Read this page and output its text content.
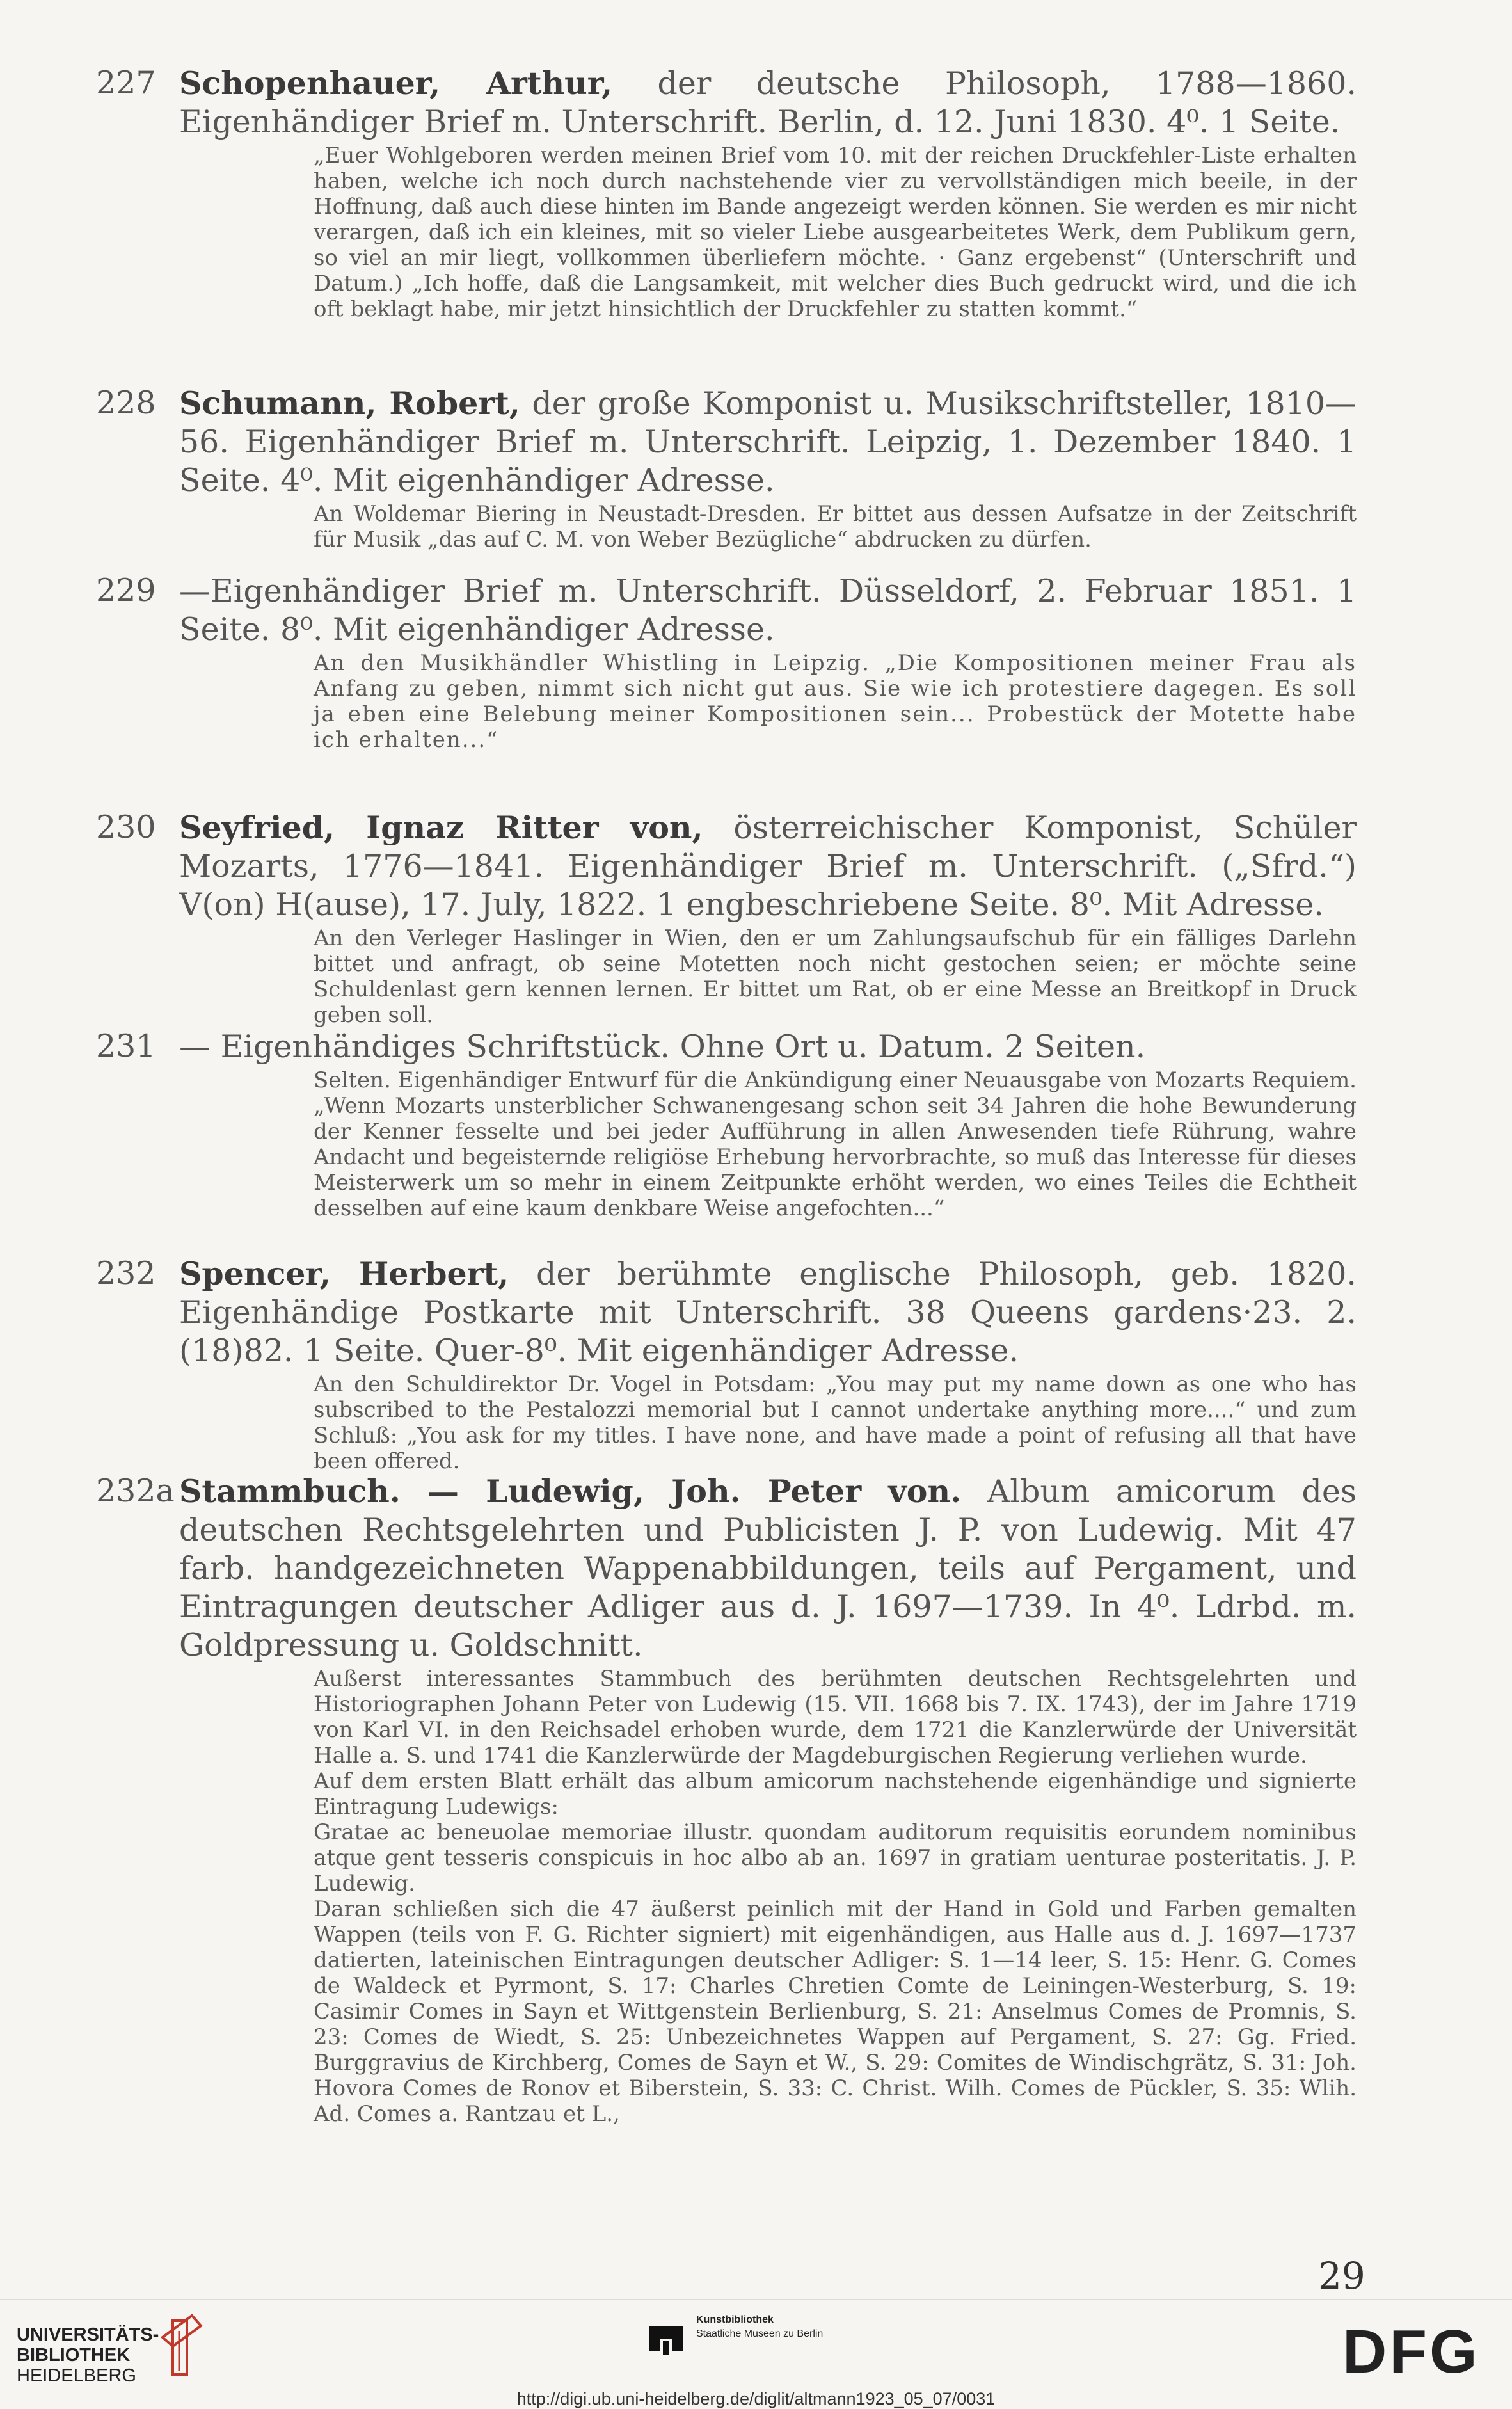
227 Schopenhauer, Arthur, der deutsche Philosoph, 1788—1860. Eigenhändiger Brief m. Unterschrift. Berlin, d. 12. Juni 1830. 4⁰. 1 Seite.
„Euer Wohlgeboren werden meinen Brief vom 10. mit der reichen Druckfehler-Liste erhalten haben, welche ich noch durch nachstehende vier zu vervollständigen mich beeile, in der Hoffnung, daß auch diese hinten im Bande angezeigt werden können. Sie werden es mir nicht verargen, daß ich ein kleines, mit so vieler Liebe ausgearbeitetes Werk, dem Publikum gern, so viel an mir liegt, vollkommen überliefern möchte. · Ganz ergebenst“ (Unterschrift und Datum.) „Ich hoffe, daß die Langsamkeit, mit welcher dies Buch gedruckt wird, und die ich oft beklagt habe, mir jetzt hinsichtlich der Druckfehler zu statten kommt.“
228 Schumann, Robert, der große Komponist u. Musikschriftsteller, 1810—56. Eigenhändiger Brief m. Unterschrift. Leipzig, 1. Dezember 1840. 1 Seite. 4⁰. Mit eigenhändiger Adresse.
An Woldemar Biering in Neustadt-Dresden. Er bittet aus dessen Aufsatze in der Zeitschrift für Musik „das auf C. M. von Weber Bezügliche“ abdrucken zu dürfen.
229 —Eigenhändiger Brief m. Unterschrift. Düsseldorf, 2. Februar 1851. 1 Seite. 8⁰. Mit eigenhändiger Adresse.
An den Musikhändler Whistling in Leipzig. „Die Kompositionen meiner Frau als Anfang zu geben, nimmt sich nicht gut aus. Sie wie ich protestiere dagegen. Es soll ja eben eine Belebung meiner Kompositionen sein... Probestück der Motette habe ich erhalten...“
230 Seyfried, Ignaz Ritter von, österreichischer Komponist, Schüler Mozarts, 1776—1841. Eigenhändiger Brief m. Unterschrift. („Sfrd.“) V(on) H(ause), 17. July, 1822. 1 engbeschriebene Seite. 8⁰. Mit Adresse.
An den Verleger Haslinger in Wien, den er um Zahlungsaufschub für ein fälliges Darlehn bittet und anfragt, ob seine Motetten noch nicht gestochen seien; er möchte seine Schuldenlast gern kennen lernen. Er bittet um Rat, ob er eine Messe an Breitkopf in Druck geben soll.
231 — Eigenhändiges Schriftstück. Ohne Ort u. Datum. 2 Seiten.
Selten. Eigenhändiger Entwurf für die Ankündigung einer Neuausgabe von Mozarts Requiem. „Wenn Mozarts unsterblicher Schwanengesang schon seit 34 Jahren die hohe Bewunderung der Kenner fesselte und bei jeder Aufführung in allen Anwesenden tiefe Rührung, wahre Andacht und begeisternde religiöse Erhebung hervorbrachte, so muß das Interesse für dieses Meisterwerk um so mehr in einem Zeitpunkte erhöht werden, wo eines Teiles die Echtheit desselben auf eine kaum denkbare Weise angefochten...“
232 Spencer, Herbert, der berühmte englische Philosoph, geb. 1820. Eigenhändige Postkarte mit Unterschrift. 38 Queens gardens·23. 2. (18)82. 1 Seite. Quer-8⁰. Mit eigenhändiger Adresse.
An den Schuldirektor Dr. Vogel in Potsdam: „You may put my name down as one who has subscribed to the Pestalozzi memorial but I cannot undertake anything more....“ und zum Schluß: „You ask for my titles. I have none, and have made a point of refusing all that have been offered.
232a Stammbuch. — Ludewig, Joh. Peter von. Album amicorum des deutschen Rechtsgelehrten und Publicisten J. P. von Ludewig. Mit 47 farb. handgezeichneten Wappenabbildungen, teils auf Pergament, und Eintragungen deutscher Adliger aus d. J. 1697—1739. In 4⁰. Ldrbd. m. Goldpressung u. Goldschnitt.

Außerst interessantes Stammbuch des berühmten deutschen Rechtsgelehrten und Historiographen Johann Peter von Ludewig (15. VII. 1668 bis 7. IX. 1743), der im Jahre 1719 von Karl VI. in den Reichsadel erhoben wurde, dem 1721 die Kanzlerwürde der Universität Halle a. S. und 1741 die Kanzlerwürde der Magdeburgischen Regierung verliehen wurde.

Auf dem ersten Blatt erhält das album amicorum nachstehende eigenhändige und signierte Eintragung Ludewigs:

Gratae ac beneuolae memoriae illustr. quondam auditorum requisitis eorundem nominibus atque gent tesseris conspicuis in hoc albo ab an. 1697 in gratiam uenturae posteritatis. J. P. Ludewig.

Daran schließen sich die 47 äußerst peinlich mit der Hand in Gold und Farben gemalten Wappen (teils von F. G. Richter signiert) mit eigenhändigen, aus Halle aus d. J. 1697—1737 datierten, lateinischen Eintragungen deutscher Adliger: S. 1—14 leer, S. 15: Henr. G. Comes de Waldeck et Pyrmont, S. 17: Charles Chretien Comte de Leiningen-Westerburg, S. 19: Casimir Comes in Sayn et Wittgenstein Berlienburg, S. 21: Anselmus Comes de Promnis, S. 23: Comes de Wiedt, S. 25: Unbezeichnetes Wappen auf Pergament, S. 27: Gg. Fried. Burggravius de Kirchberg, Comes de Sayn et W., S. 29: Comites de Windischgrätz, S. 31: Joh. Hovora Comes de Ronov et Biberstein, S. 33: C. Christ. Wilh. Comes de Pückler, S. 35: Wlih. Ad. Comes a. Rantzau et L.,

29
UNIVERSITÄTS-
BIBLIOTHEK
HEIDELBERG
Kunstbibliothek
Staatliche Museen zu Berlin	DFG
http://digi.ub.uni-heidelberg.de/diglit/altmann1923_05_07/0031
